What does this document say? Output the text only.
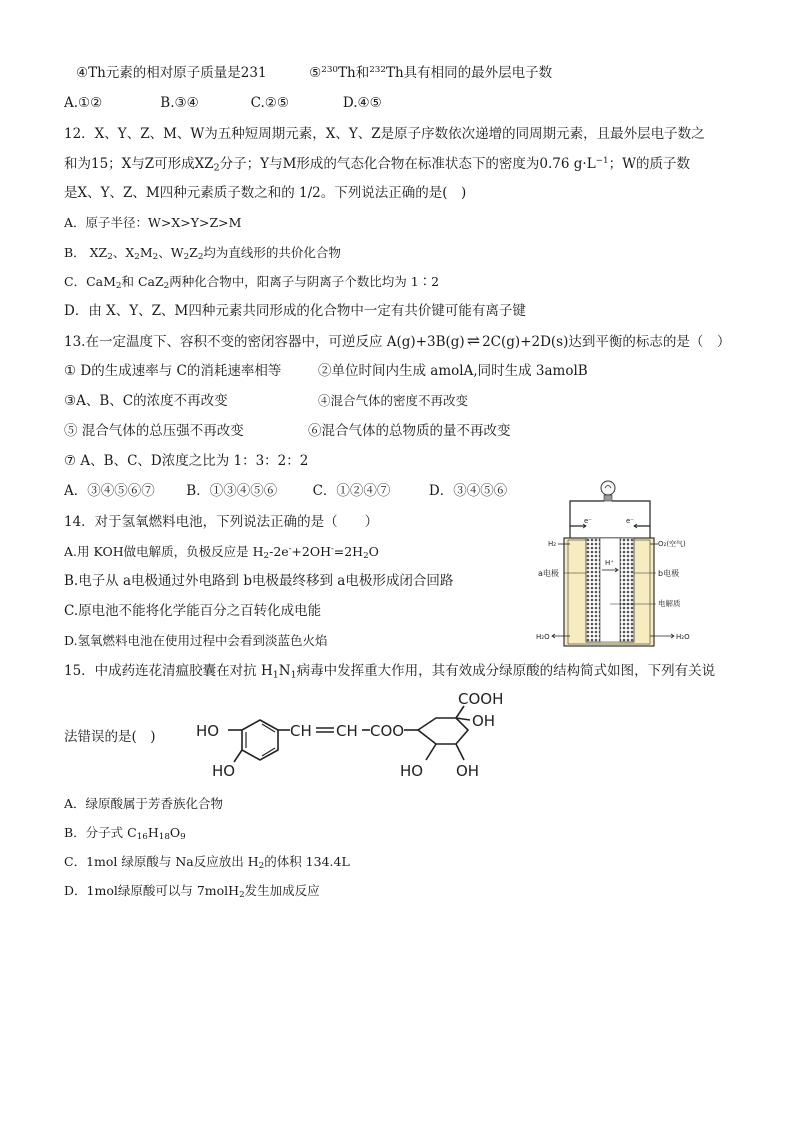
④Th元素的相对原子质量是231	⑤$^{230}$Th和$^{232}$Th具有相同的最外层电子数
A.①②	B.③④	C.②⑤	D.④⑤
12．X、Y、Z、M、W为五种短周期元素，X、Y、Z是原子序数依次递增的同周期元素，且最外层电子数之
和为15；X与Z可形成$XZ_2$分子；Y与M形成的气态化合物在标准状态下的密度为0.76 $g\cdot L^{-1}$；W的质子数
是X、Y、Z、M四种元素质子数之和的 1/2。下列说法正确的是(　)
A．原子半径：W>X>Y>Z>M
B． $XZ_2$、$X_2M_2$、$W_2Z_2$均为直线形的共价化合物
C．CaM$_2$和 CaZ$_2$两种化合物中，阳离子与阴离子个数比均为 1∶2
D．由 X、Y、Z、M四种元素共同形成的化合物中一定有共价键可能有离子键
13.在一定温度下、容积不变的密闭容器中，可逆反应 A(g)+3B(g) ⇌ 2C(g)+2D(s)达到平衡的标志的是（　）
① D的生成速率与 C的消耗速率相等	②单位时间内生成 amolA,同时生成 3amolB
③A、B、C的浓度不再改变	④混合气体的密度不再改变
⑤ 混合气体的总压强不再改变	⑥混合气体的总物质的量不再改变
⑦ A、B、C、D浓度之比为 1：3：2：2
A．③④⑤⑥⑦ B．①③④⑤⑥	C．①②④⑦	D．③④⑤⑥
14．对于氢氧燃料电池，下列说法正确的是（　　）
A.用 KOH做电解质，负极反应是 $H_2-2e^-+2OH^-=2H_2O$
B.电子从 a电极通过外电路到 b电极最终移到 a电极形成闭合回路
C.原电池不能将化学能百分之百转化成电能
D.氢氧燃料电池在使用过程中会看到淡蓝色火焰
e⁻	e⁻
H₂	O₂(空气)
a电极	b电极
H⁺
电解质
H₂O	H₂O
15．中成药连花清瘟胶囊在对抗 $H_1N_1$病毒中发挥重大作用，其有效成分绿原酸的结构简式如图，下列有关说
法错误的是(　)	HO
HO
CH CH COO
COOH
OH
HO OH
A．绿原酸属于芳香族化合物
B．分子式 $C_{16}H_{18}O_9$
C．1mol 绿原酸与 Na反应放出 $H_2$的体积 134.4L
D．1mol绿原酸可以与 7molH$_2$发生加成反应
